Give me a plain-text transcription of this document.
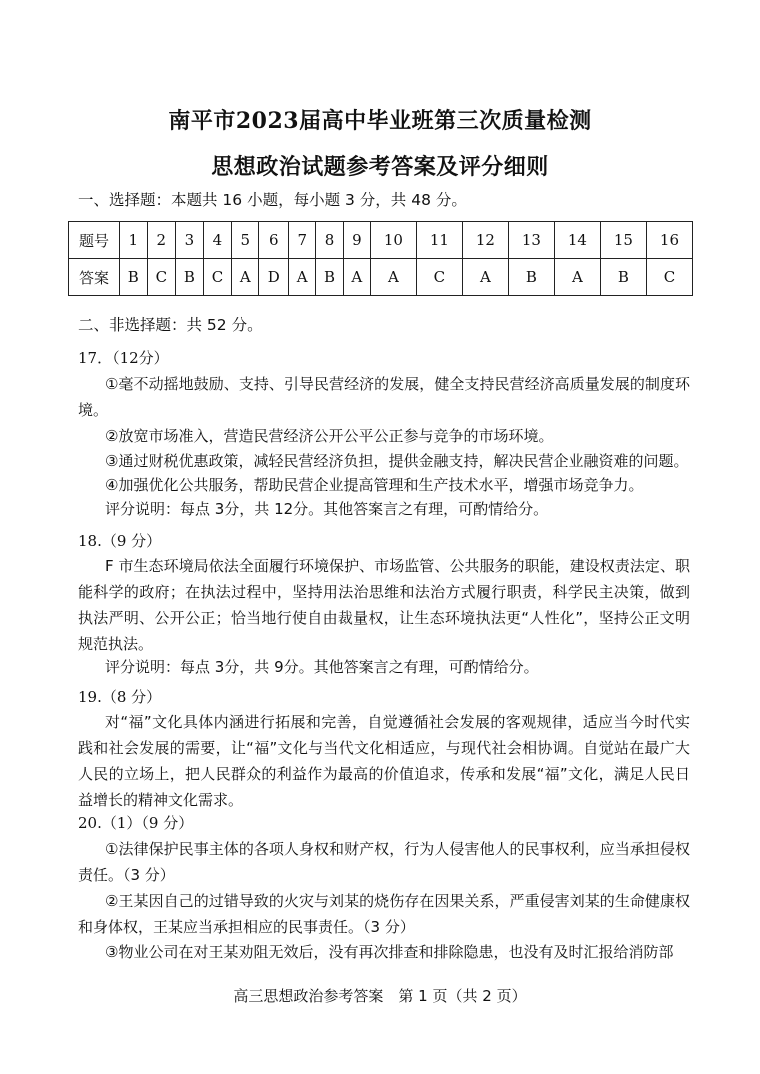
南平市2023届高中毕业班第三次质量检测
思想政治试题参考答案及评分细则
一、选择题：本题共 16 小题，每小题 3 分，共 48 分。
题号	1	2	3	4	5	6	7	8	9	10	11	12	13	14	15	16
答案	B	C	B	C	A	D	A	B	A	A	C	A	B	A	B	C
二、非选择题：共 52 分。
17．（12分）
①毫不动摇地鼓励、支持、引导民营经济的发展，健全支持民营经济高质量发展的制度环境。
②放宽市场准入，营造民营经济公开公平公正参与竞争的市场环境。
③通过财税优惠政策，减轻民营经济负担，提供金融支持，解决民营企业融资难的问题。
④加强优化公共服务，帮助民营企业提高管理和生产技术水平，增强市场竞争力。
评分说明：每点 3分，共 12分。其他答案言之有理，可酌情给分。
18.（9 分）
F 市生态环境局依法全面履行环境保护、市场监管、公共服务的职能，建设权责法定、职能科学的政府；在执法过程中，坚持用法治思维和法治方式履行职责，科学民主决策，做到执法严明、公开公正；恰当地行使自由裁量权，让生态环境执法更“人性化”，坚持公正文明规范执法。
评分说明：每点 3分，共 9分。其他答案言之有理，可酌情给分。
19.（8 分）
对“福”文化具体内涵进行拓展和完善，自觉遵循社会发展的客观规律，适应当今时代实践和社会发展的需要，让“福”文化与当代文化相适应，与现代社会相协调。自觉站在最广大人民的立场上，把人民群众的利益作为最高的价值追求，传承和发展“福”文化，满足人民日益增长的精神文化需求。
20.（1）（9 分）
①法律保护民事主体的各项人身权和财产权，行为人侵害他人的民事权利，应当承担侵权责任。（3 分）
②王某因自己的过错导致的火灾与刘某的烧伤存在因果关系，严重侵害刘某的生命健康权和身体权，王某应当承担相应的民事责任。（3 分）
③物业公司在对王某劝阻无效后，没有再次排查和排除隐患，也没有及时汇报给消防部
高三思想政治参考答案　第 1 页（共 2 页）
